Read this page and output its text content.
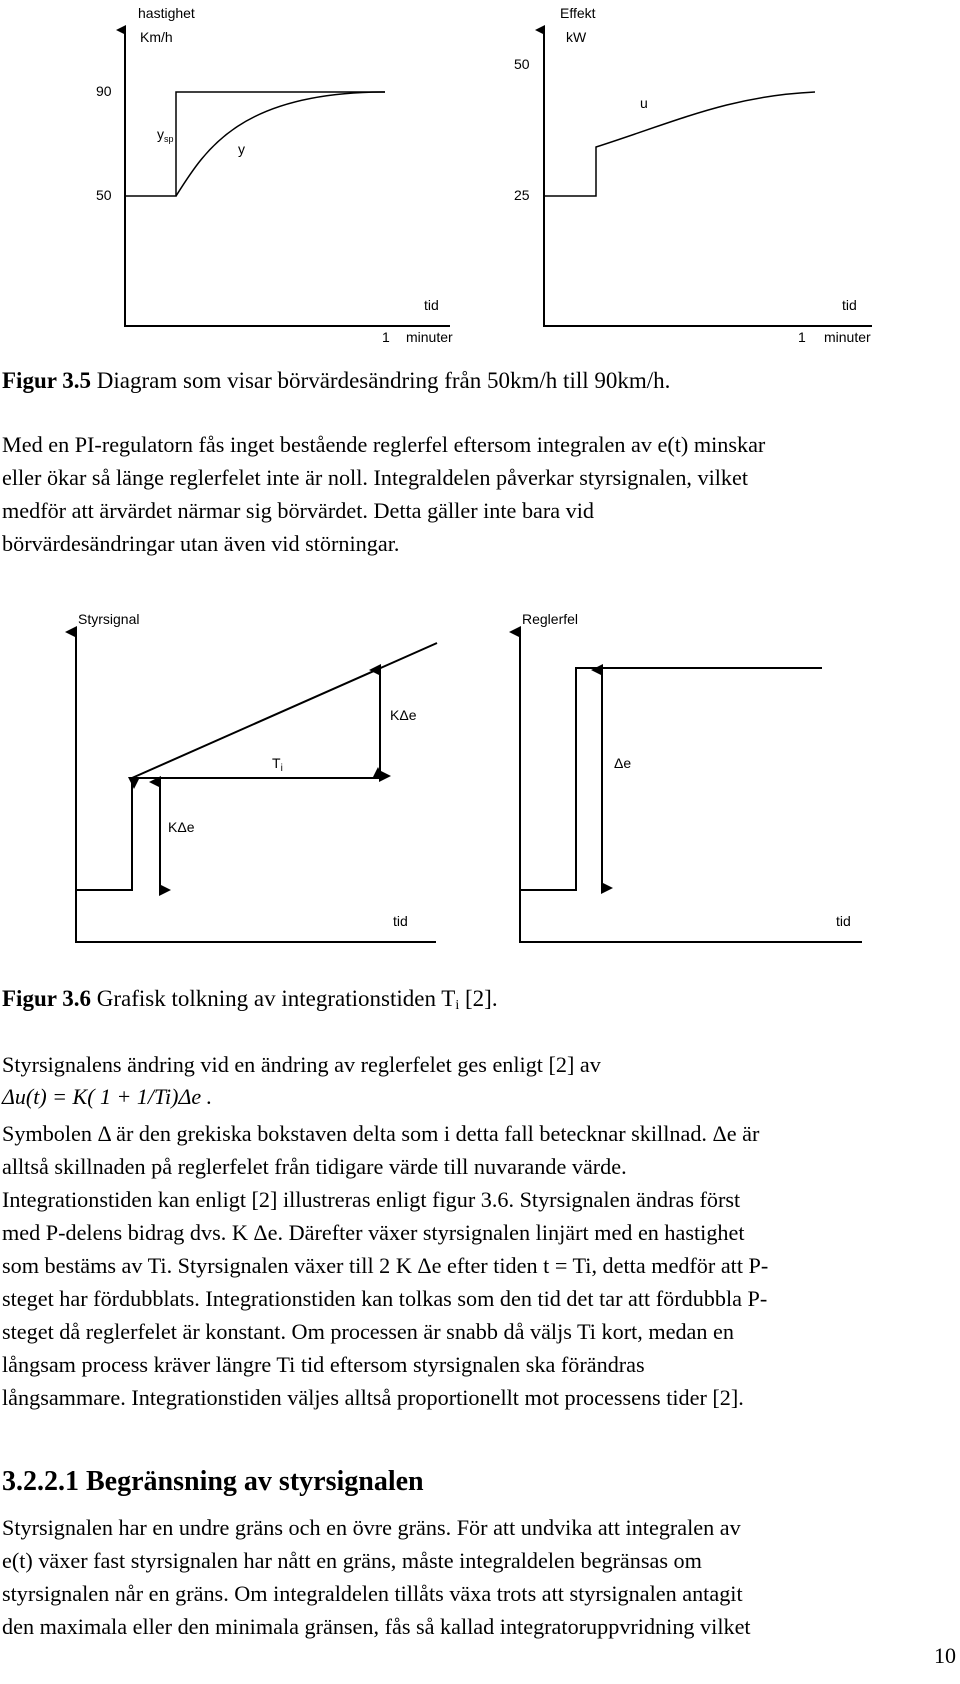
hastighet
Km/h
90
50
$y_{sp}$
y
tid
1 minuter
Effekt
kW
50
25
u
tid
1 minuter
Figur 3.5 Diagram som visar börvärdesändring från 50km/h till 90km/h.
Med en PI-regulatorn fås inget bestående reglerfel eftersom integralen av e(t) minskar
eller ökar så länge reglerfelet inte är noll. Integraldelen påverkar styrsignalen, vilket
medför att ärvärdet närmar sig börvärdet. Detta gäller inte bara vid
börvärdesändringar utan även vid störningar.
Styrsignal
KΔe
$T_i$
KΔe
tid
Reglerfel
Δe
tid
Figur 3.6 Grafisk tolkning av integrationstiden $T_i$ [2].
Styrsignalens ändring vid en ändring av reglerfelet ges enligt [2] av
Δu(t) = K( 1 + 1/Ti)Δe .
Symbolen Δ är den grekiska bokstaven delta som i detta fall betecknar skillnad. Δe är
alltså skillnaden på reglerfelet från tidigare värde till nuvarande värde.
Integrationstiden kan enligt [2] illustreras enligt figur 3.6. Styrsignalen ändras först
med P-delens bidrag dvs. K Δe. Därefter växer styrsignalen linjärt med en hastighet
som bestäms av Ti. Styrsignalen växer till 2 K Δe efter tiden t = Ti, detta medför att P-
steget har fördubblats. Integrationstiden kan tolkas som den tid det tar att fördubbla P-
steget då reglerfelet är konstant. Om processen är snabb då väljs Ti kort, medan en
långsam process kräver längre Ti tid eftersom styrsignalen ska förändras
långsammare. Integrationstiden väljes alltså proportionellt mot processens tider [2].
3.2.2.1 Begränsning av styrsignalen
Styrsignalen har en undre gräns och en övre gräns. För att undvika att integralen av
e(t) växer fast styrsignalen har nått en gräns, måste integraldelen begränsas om
styrsignalen når en gräns. Om integraldelen tillåts växa trots att styrsignalen antagit
den maximala eller den minimala gränsen, fås så kallad integratoruppvridning vilket
10
